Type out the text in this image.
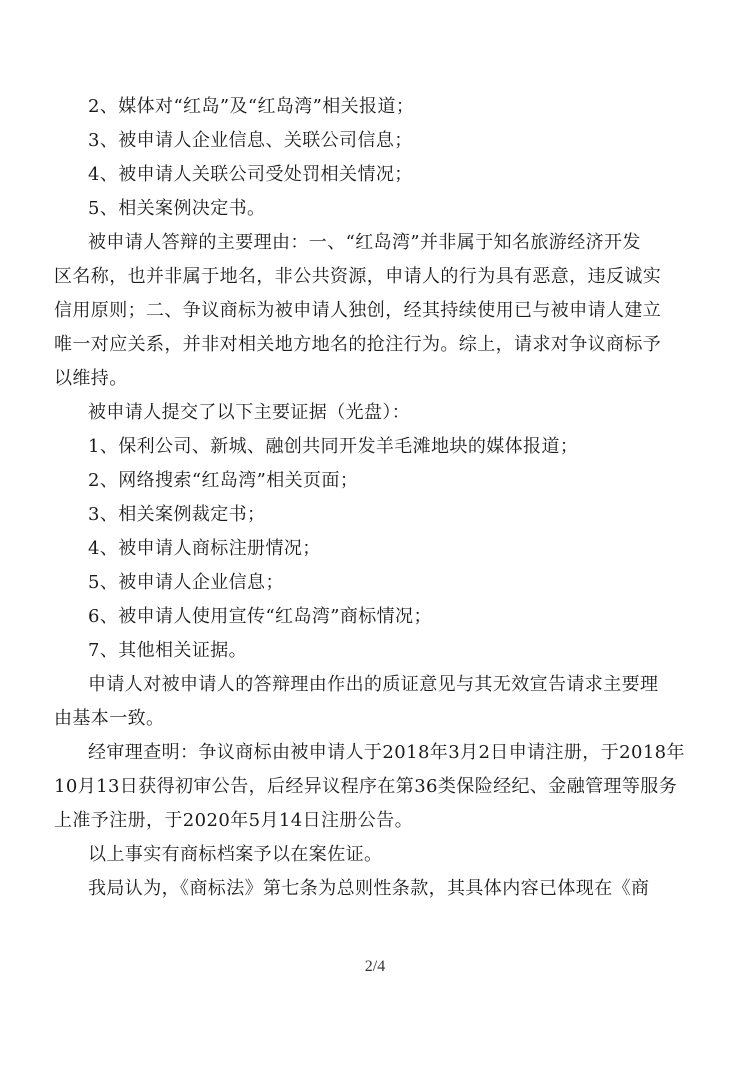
2、媒体对“红岛”及“红岛湾”相关报道；
3、被申请人企业信息、关联公司信息；
4、被申请人关联公司受处罚相关情况；
5、相关案例决定书。
被申请人答辩的主要理由：一、“红岛湾”并非属于知名旅游经济开发
区名称，也并非属于地名，非公共资源，申请人的行为具有恶意，违反诚实
信用原则；二、争议商标为被申请人独创，经其持续使用已与被申请人建立
唯一对应关系，并非对相关地方地名的抢注行为。综上，请求对争议商标予
以维持。
被申请人提交了以下主要证据（光盘）：
1、保利公司、新城、融创共同开发羊毛滩地块的媒体报道；
2、网络搜索“红岛湾”相关页面；
3、相关案例裁定书；
4、被申请人商标注册情况；
5、被申请人企业信息；
6、被申请人使用宣传“红岛湾”商标情况；
7、其他相关证据。
申请人对被申请人的答辩理由作出的质证意见与其无效宣告请求主要理
由基本一致。
经审理查明：争议商标由被申请人于2018年3月2日申请注册，于2018年
10月13日获得初审公告，后经异议程序在第36类保险经纪、金融管理等服务
上准予注册，于2020年5月14日注册公告。
以上事实有商标档案予以在案佐证。
我局认为，《商标法》第七条为总则性条款，其具体内容已体现在《商
2/4
